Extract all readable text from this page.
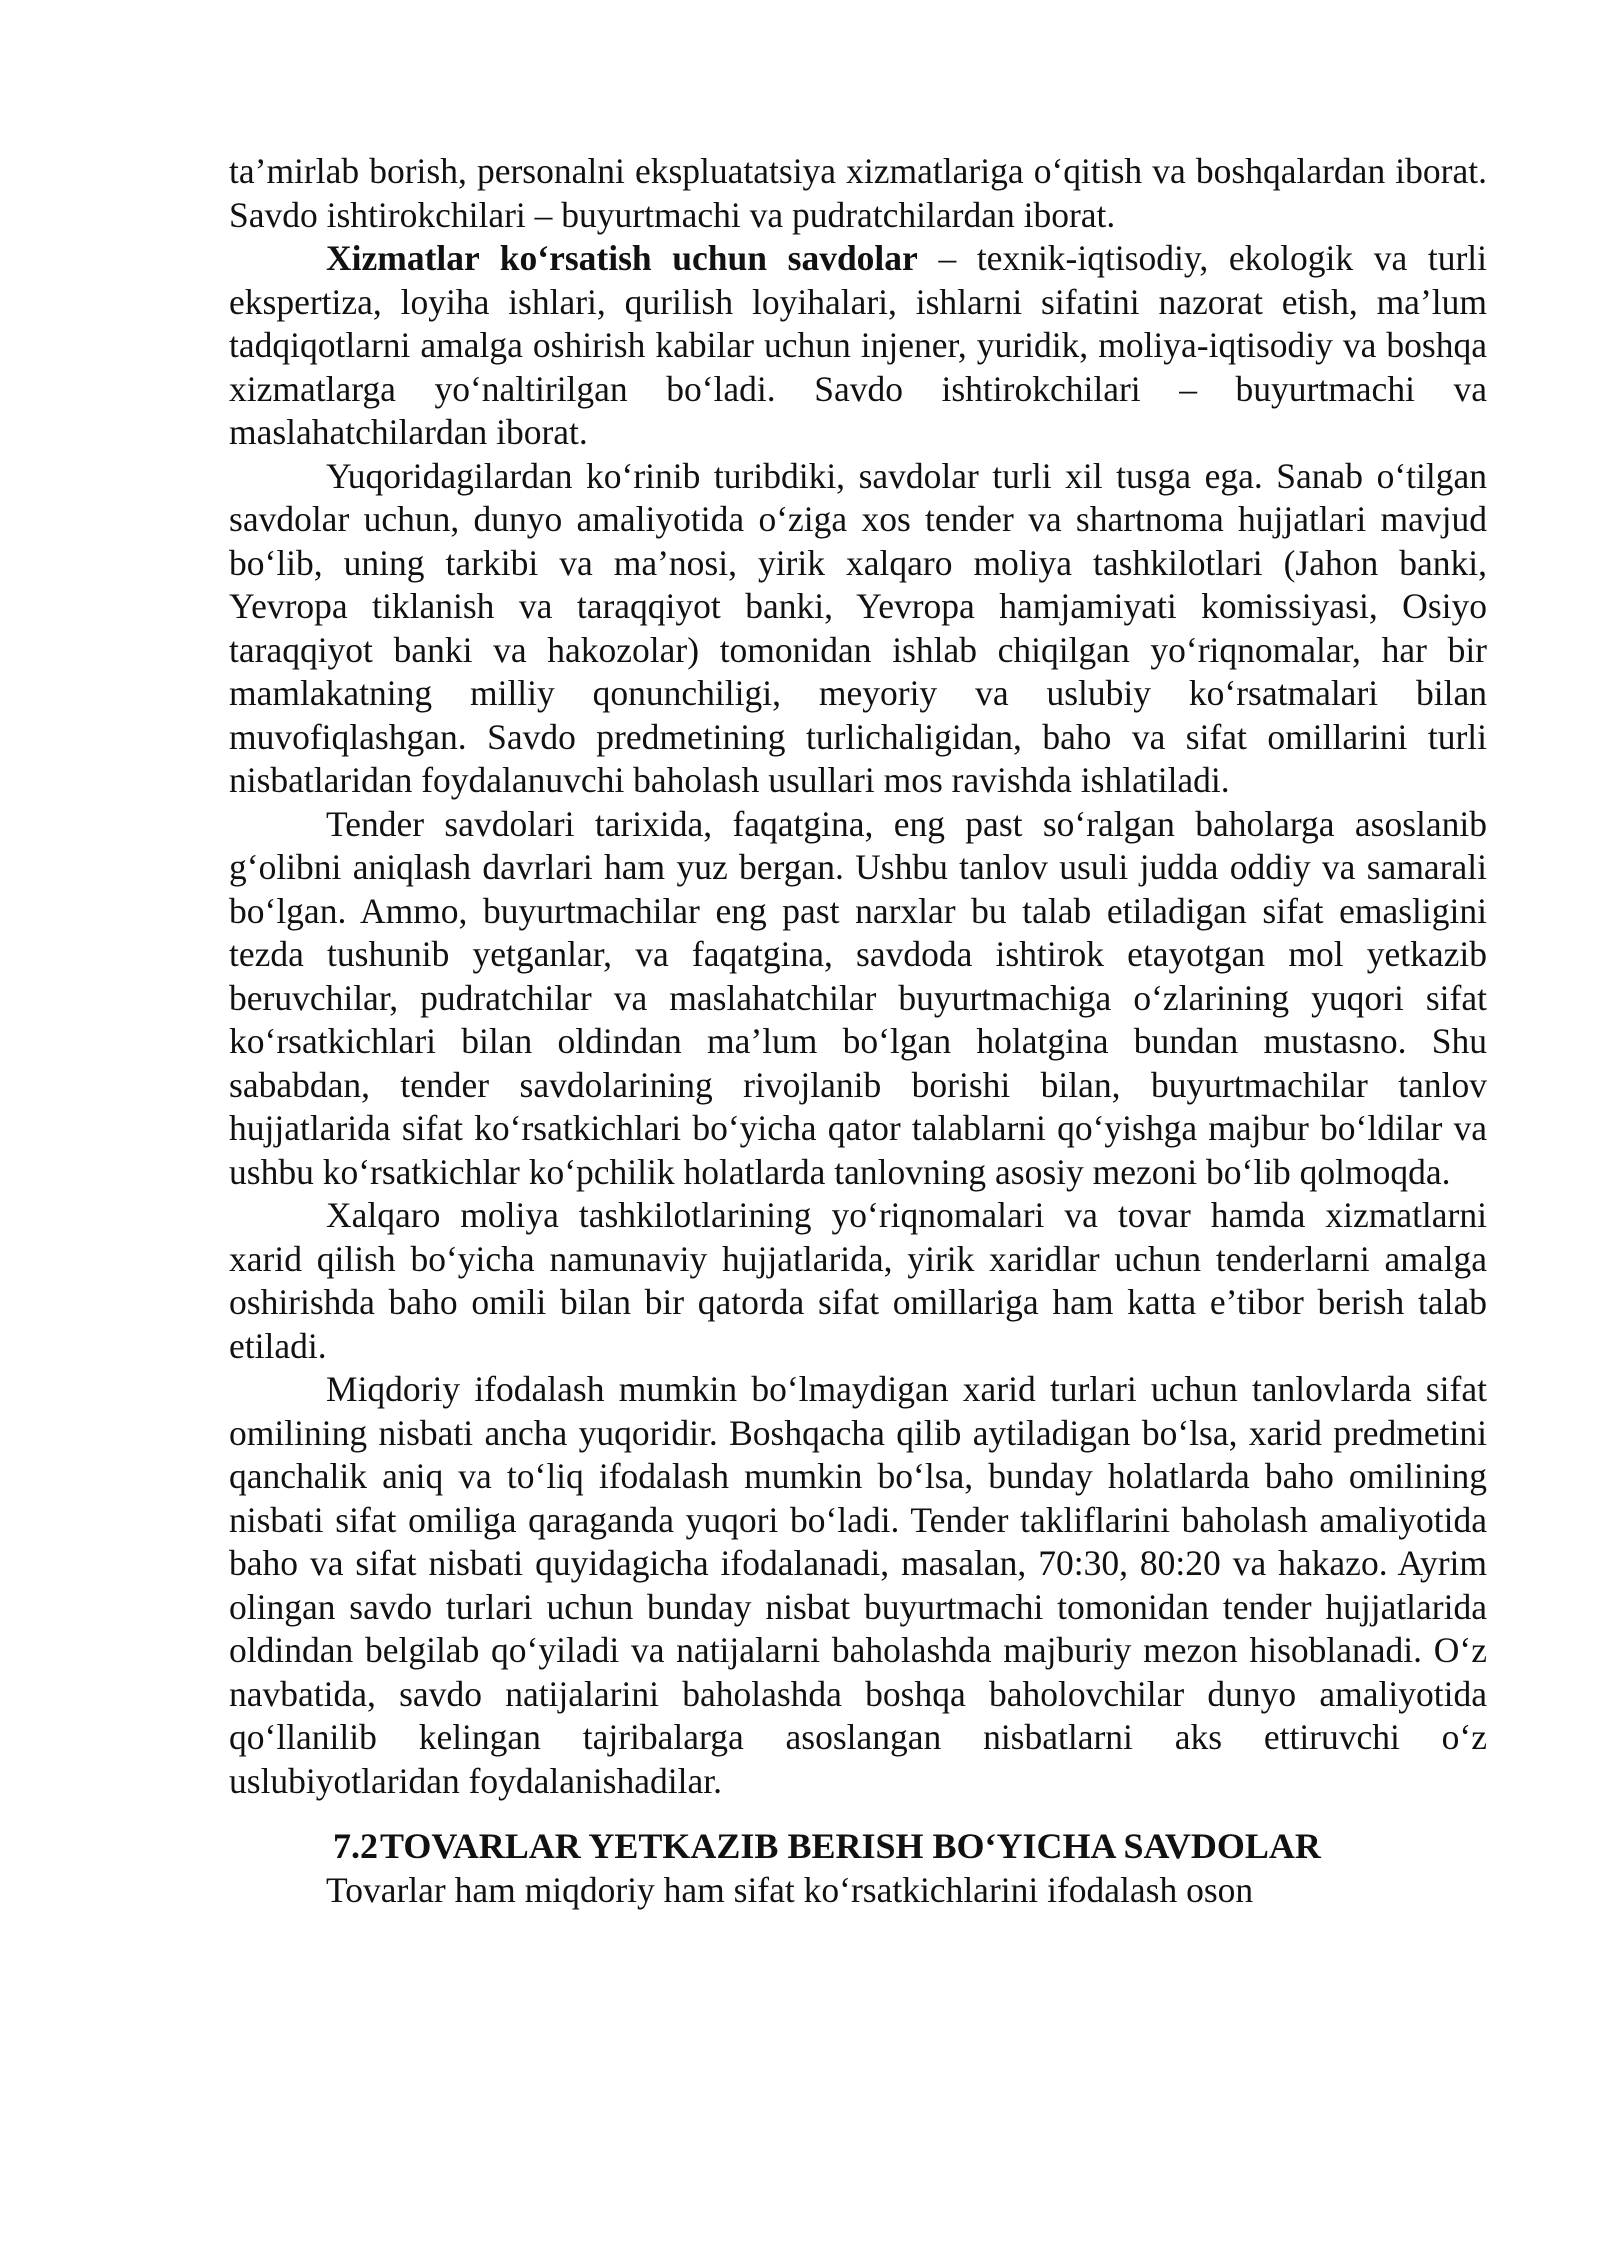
ta’mirlab borish, personalni ekspluatatsiya xizmatlariga o‘qitish va boshqalardan iborat. Savdo ishtirokchilari – buyurtmachi va pudratchilardan iborat.

Xizmatlar ko‘rsatish uchun savdolar – texnik-iqtisodiy, ekologik va turli ekspertiza, loyiha ishlari, qurilish loyihalari, ishlarni sifatini nazorat etish, ma’lum tadqiqotlarni amalga oshirish kabilar uchun injener, yuridik, moliya-iqtisodiy va boshqa xizmatlarga yo‘naltirilgan bo‘ladi. Savdo ishtirokchilari – buyurtmachi va maslahatchilardan iborat.

Yuqoridagilardan ko‘rinib turibdiki, savdolar turli xil tusga ega. Sanab o‘tilgan savdolar uchun, dunyo amaliyotida o‘ziga xos tender va shartnoma hujjatlari mavjud bo‘lib, uning tarkibi va ma’nosi, yirik xalqaro moliya tashkilotlari (Jahon banki, Yevropa tiklanish va taraqqiyot banki, Yevropa hamjamiyati komissiyasi, Osiyo taraqqiyot banki va hakozolar) tomonidan ishlab chiqilgan yo‘riqnomalar, har bir mamlakatning milliy qonunchiligi, meyoriy va uslubiy ko‘rsatmalari bilan muvofiqlashgan. Savdo predmetining turlichaligidan, baho va sifat omillarini turli nisbatlaridan foydalanuvchi baholash usullari mos ravishda ishlatiladi.

Tender savdolari tarixida, faqatgina, eng past so‘ralgan baholarga asoslanib g‘olibni aniqlash davrlari ham yuz bergan. Ushbu tanlov usuli judda oddiy va samarali bo‘lgan. Ammo, buyurtmachilar eng past narxlar bu talab etiladigan sifat emasligini tezda tushunib yetganlar, va faqatgina, savdoda ishtirok etayotgan mol yetkazib beruvchilar, pudratchilar va maslahatchilar buyurtmachiga o‘zlarining yuqori sifat ko‘rsatkichlari bilan oldindan ma’lum bo‘lgan holatgina bundan mustasno. Shu sababdan, tender savdolarining rivojlanib borishi bilan, buyurtmachilar tanlov hujjatlarida sifat ko‘rsatkichlari bo‘yicha qator talablarni qo‘yishga majbur bo‘ldilar va ushbu ko‘rsatkichlar ko‘pchilik holatlarda tanlovning asosiy mezoni bo‘lib qolmoqda.

Xalqaro moliya tashkilotlarining yo‘riqnomalari va tovar hamda xizmatlarni xarid qilish bo‘yicha namunaviy hujjatlarida, yirik xaridlar uchun tenderlarni amalga oshirishda baho omili bilan bir qatorda sifat omillariga ham katta e’tibor berish talab etiladi.

Miqdoriy ifodalash mumkin bo‘lmaydigan xarid turlari uchun tanlovlarda sifat omilining nisbati ancha yuqoridir. Boshqacha qilib aytiladigan bo‘lsa, xarid predmetini qanchalik aniq va to‘liq ifodalash mumkin bo‘lsa, bunday holatlarda baho omilining nisbati sifat omiliga qaraganda yuqori bo‘ladi. Tender takliflarini baholash amaliyotida baho va sifat nisbati quyidagicha ifodalanadi, masalan, 70:30, 80:20 va hakazo. Ayrim olingan savdo turlari uchun bunday nisbat buyurtmachi tomonidan tender hujjatlarida oldindan belgilab qo‘yiladi va natijalarni baholashda majburiy mezon hisoblanadi. O‘z navbatida, savdo natijalarini baholashda boshqa baholovchilar dunyo amaliyotida qo‘llanilib kelingan tajribalarga asoslangan nisbatlarni aks ettiruvchi o‘z uslubiyotlaridan foydalanishadilar.

7.2TOVARLAR YETKAZIB BERISH BO‘YICHA SAVDOLAR

Tovarlar ham miqdoriy ham sifat ko‘rsatkichlarini ifodalash oson
